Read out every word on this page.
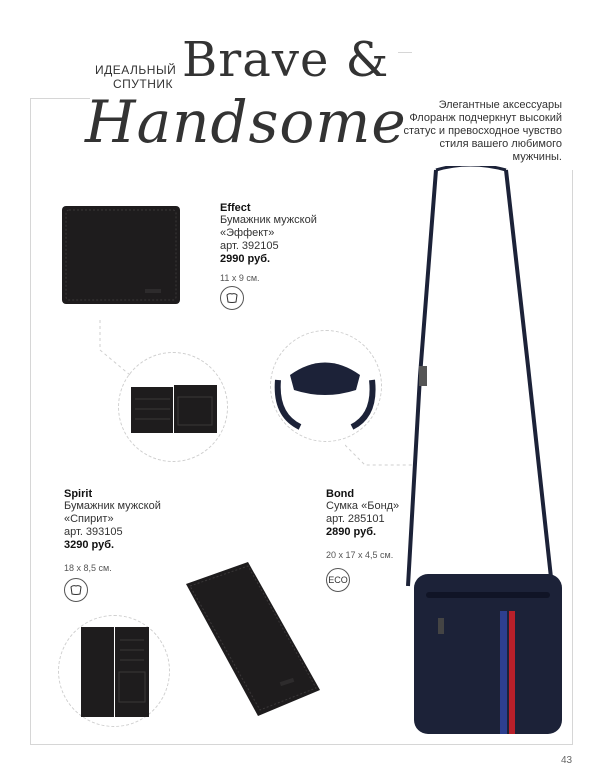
ИДЕАЛЬНЫЙ
СПУТНИК Brave &
Handsome	Элегантные аксессуары Флоранж подчеркнут высокий статус и превосходное чувство стиля вашего любимого мужчины.
Effect
Бумажник мужской
«Эффект»
арт. 392105
2990 руб.
11 x 9 см.
Spirit
Бумажник мужской
«Спирит»
арт. 393105
3290 руб.
18 x 8,5 см.
Bond
Сумка «Бонд»
арт. 285101
2890 руб.
20 x 17 x 4,5 см.
ECO
43
